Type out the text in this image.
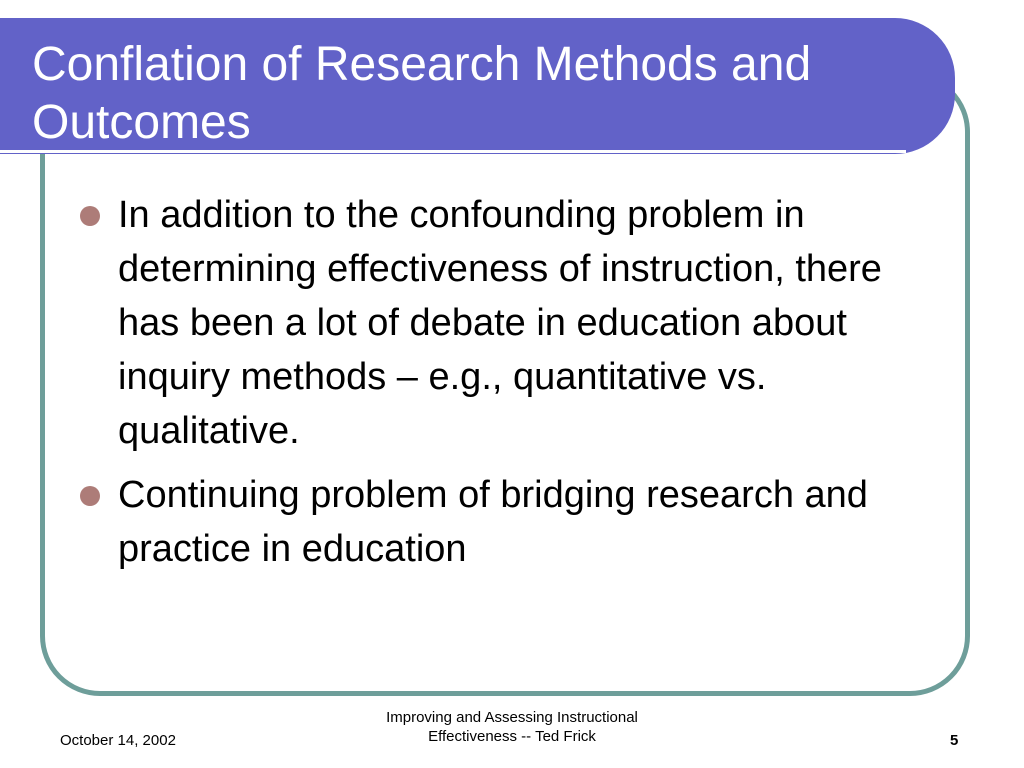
Conflation of Research Methods and Outcomes
In addition to the confounding problem in determining effectiveness of instruction, there has been a lot of debate in education about inquiry methods – e.g., quantitative vs. qualitative.
Continuing problem of bridging research and practice in education
October 14, 2002
Improving and Assessing Instructional
Effectiveness -- Ted Frick	5
